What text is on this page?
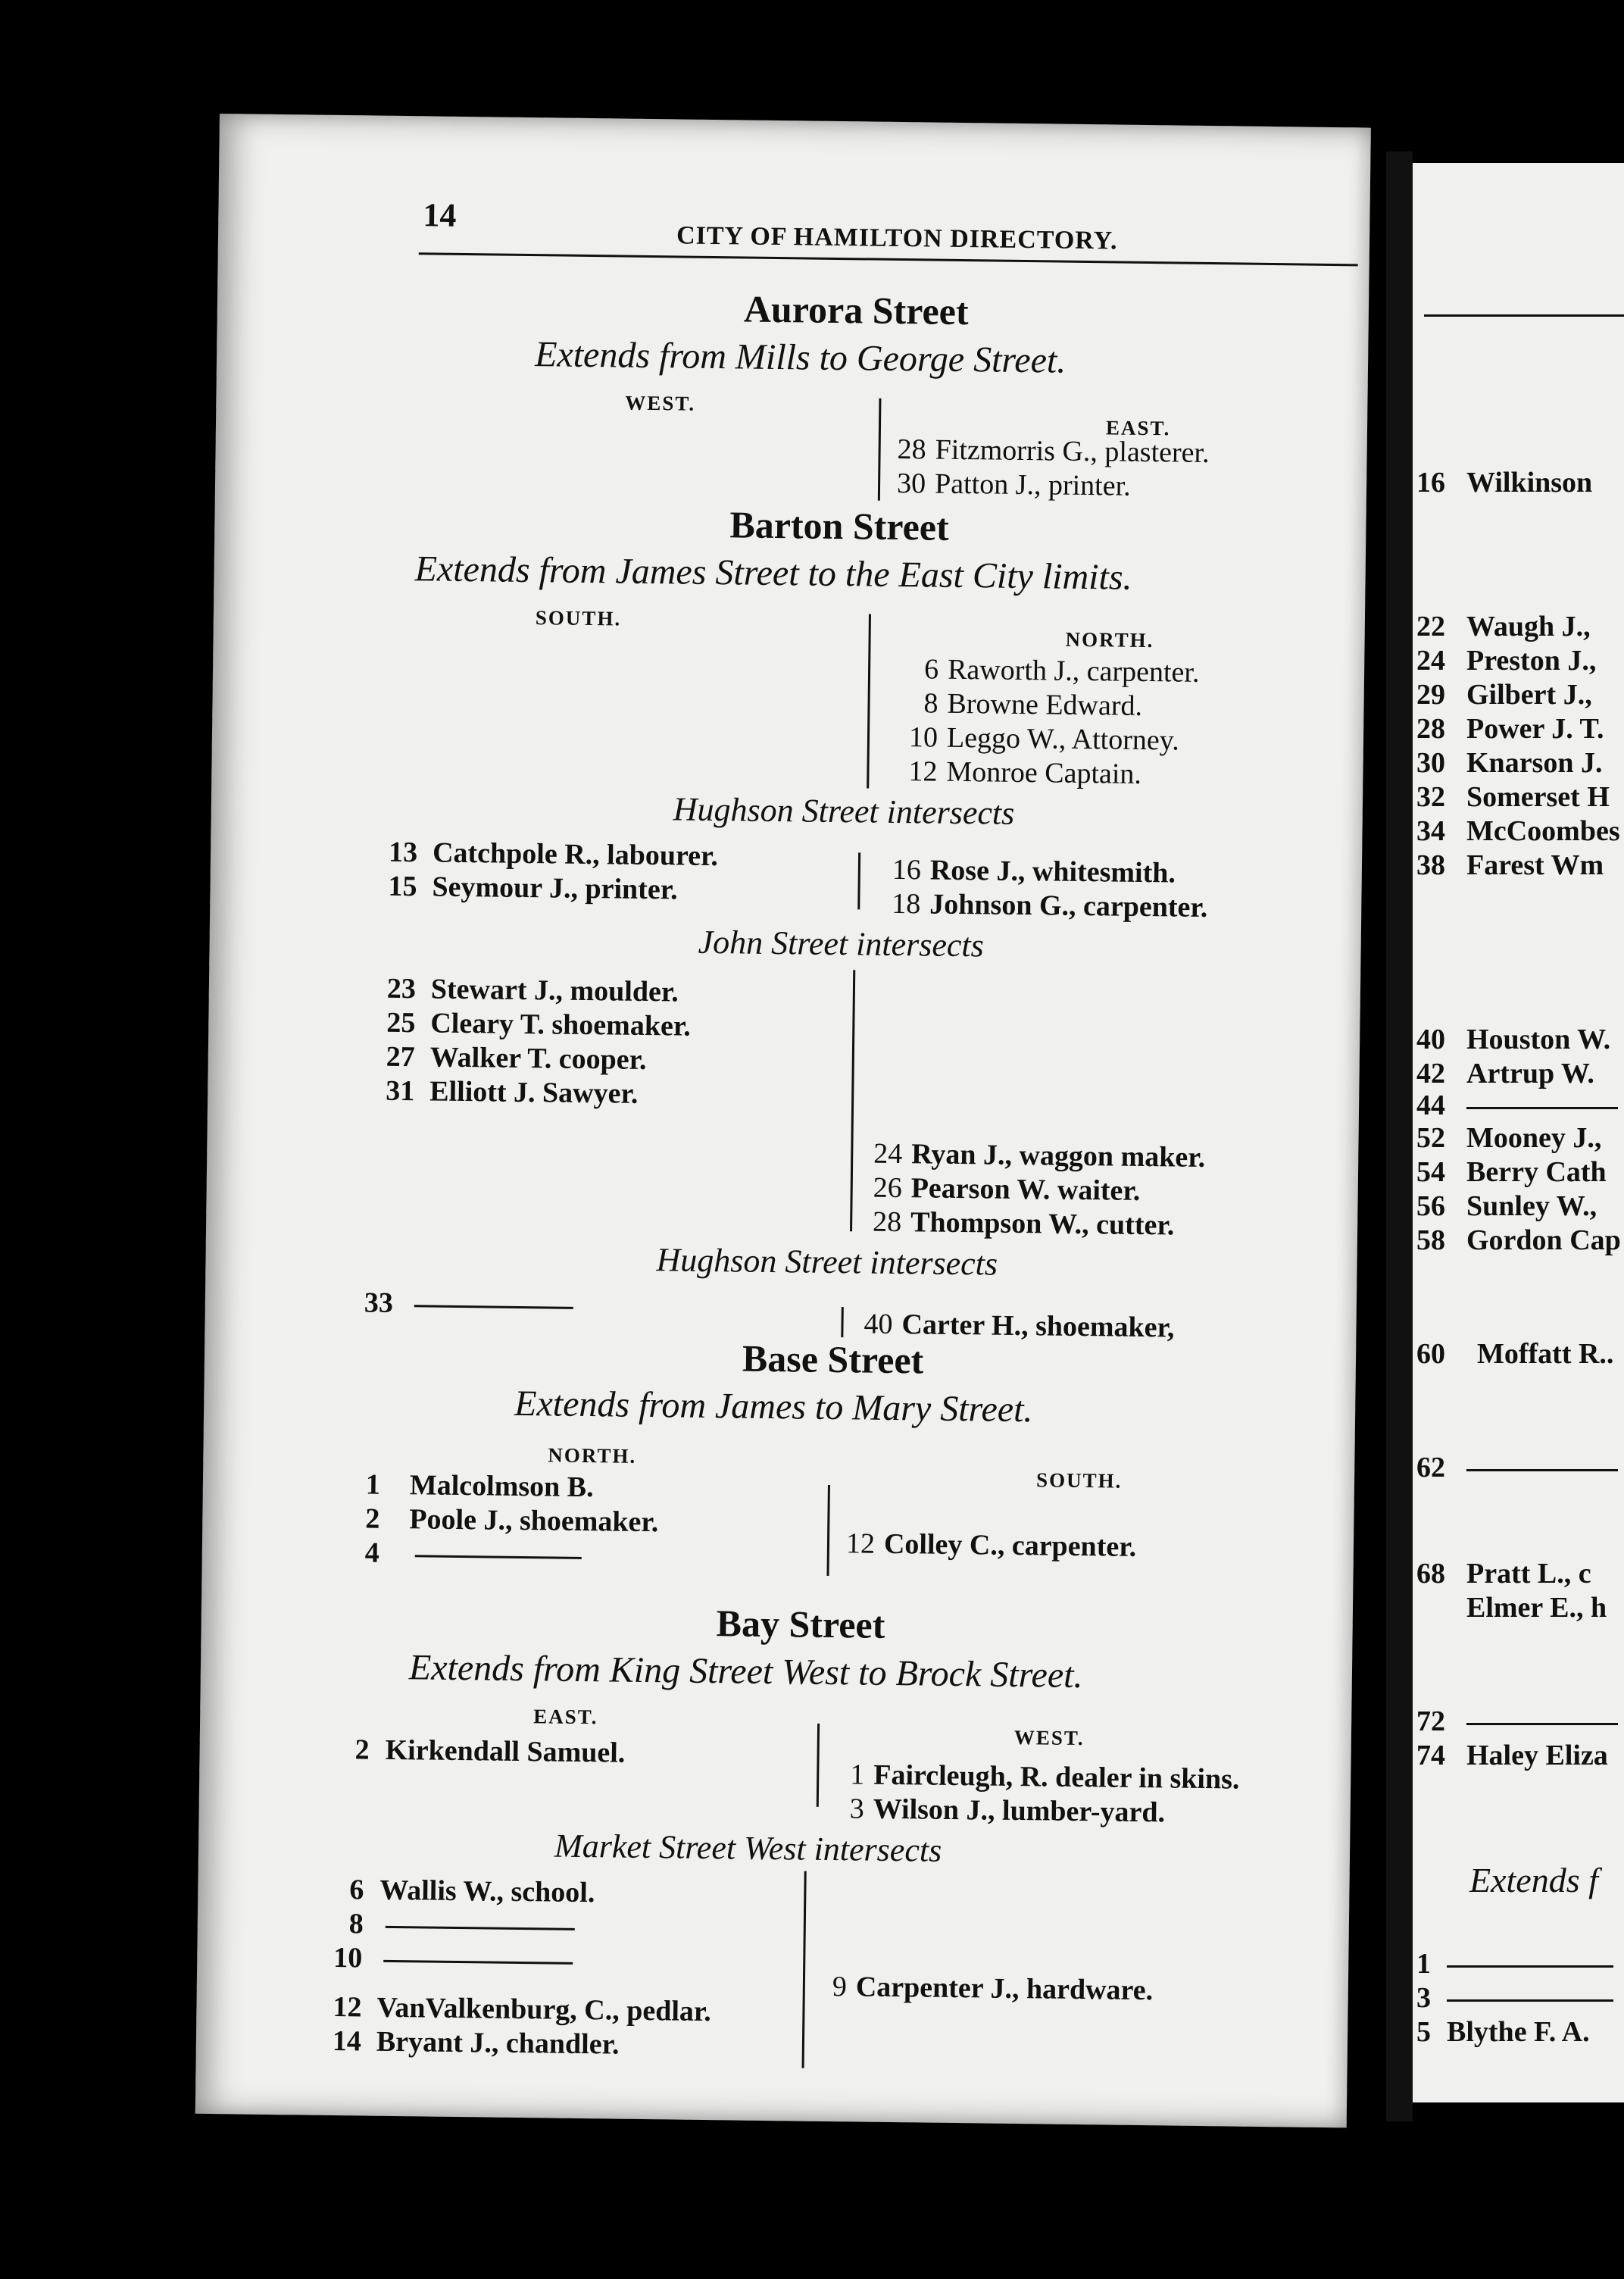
14
CITY OF HAMILTON DIRECTORY.
Aurora Street
Extends from Mills to George Street.
WEST.
EAST.
28 Fitzmorris G., plasterer.
30 Patton J., printer.
Barton Street
Extends from James Street to the East City limits.
SOUTH.
NORTH.
6 Raworth J., carpenter.
8 Browne Edward.
10 Leggo W., Attorney.
12 Monroe Captain.
Hughson Street intersects
13 Catchpole R., labourer.
15 Seymour J., printer.
16 Rose J., whitesmith.
18 Johnson G., carpenter.
John Street intersects
23 Stewart J., moulder.
25 Cleary T. shoemaker.
27 Walker T. cooper.
31 Elliott J. Sawyer.
24 Ryan J., waggon maker.
26 Pearson W. waiter.
28 Thompson W., cutter.
Hughson Street intersects
33
40 Carter H., shoemaker,
Base Street
Extends from James to Mary Street.
NORTH.
SOUTH.
1 Malcolmson B.
2 Poole J., shoemaker.
4	12 Colley C., carpenter.
Bay Street
Extends from King Street West to Brock Street.
EAST.
WEST.
2 Kirkendall Samuel.
1 Faircleugh, R. dealer in skins.
3 Wilson J., lumber-yard.
Market Street West intersects
6 Wallis W., school.
8
10
12 VanValkenburg, C., pedlar.
14 Bryant J., chandler.
9 Carpenter J., hardware.
16 Wilkinson
22 Waugh J.,
24 Preston J.,
29 Gilbert J.,
28 Power J. T.
30 Knarson J.
32 Somerset H
34 McCoombes
38 Farest Wm
40 Houston W.
42 Artrup W.
44
52 Mooney J.,
54 Berry Cath
56 Sunley W.,
58 Gordon Cap
60 Moffatt R..
62
68 Pratt L., c
Elmer E., h
72
74 Haley Eliza
Extends f
1
3
5 Blythe F. A.
